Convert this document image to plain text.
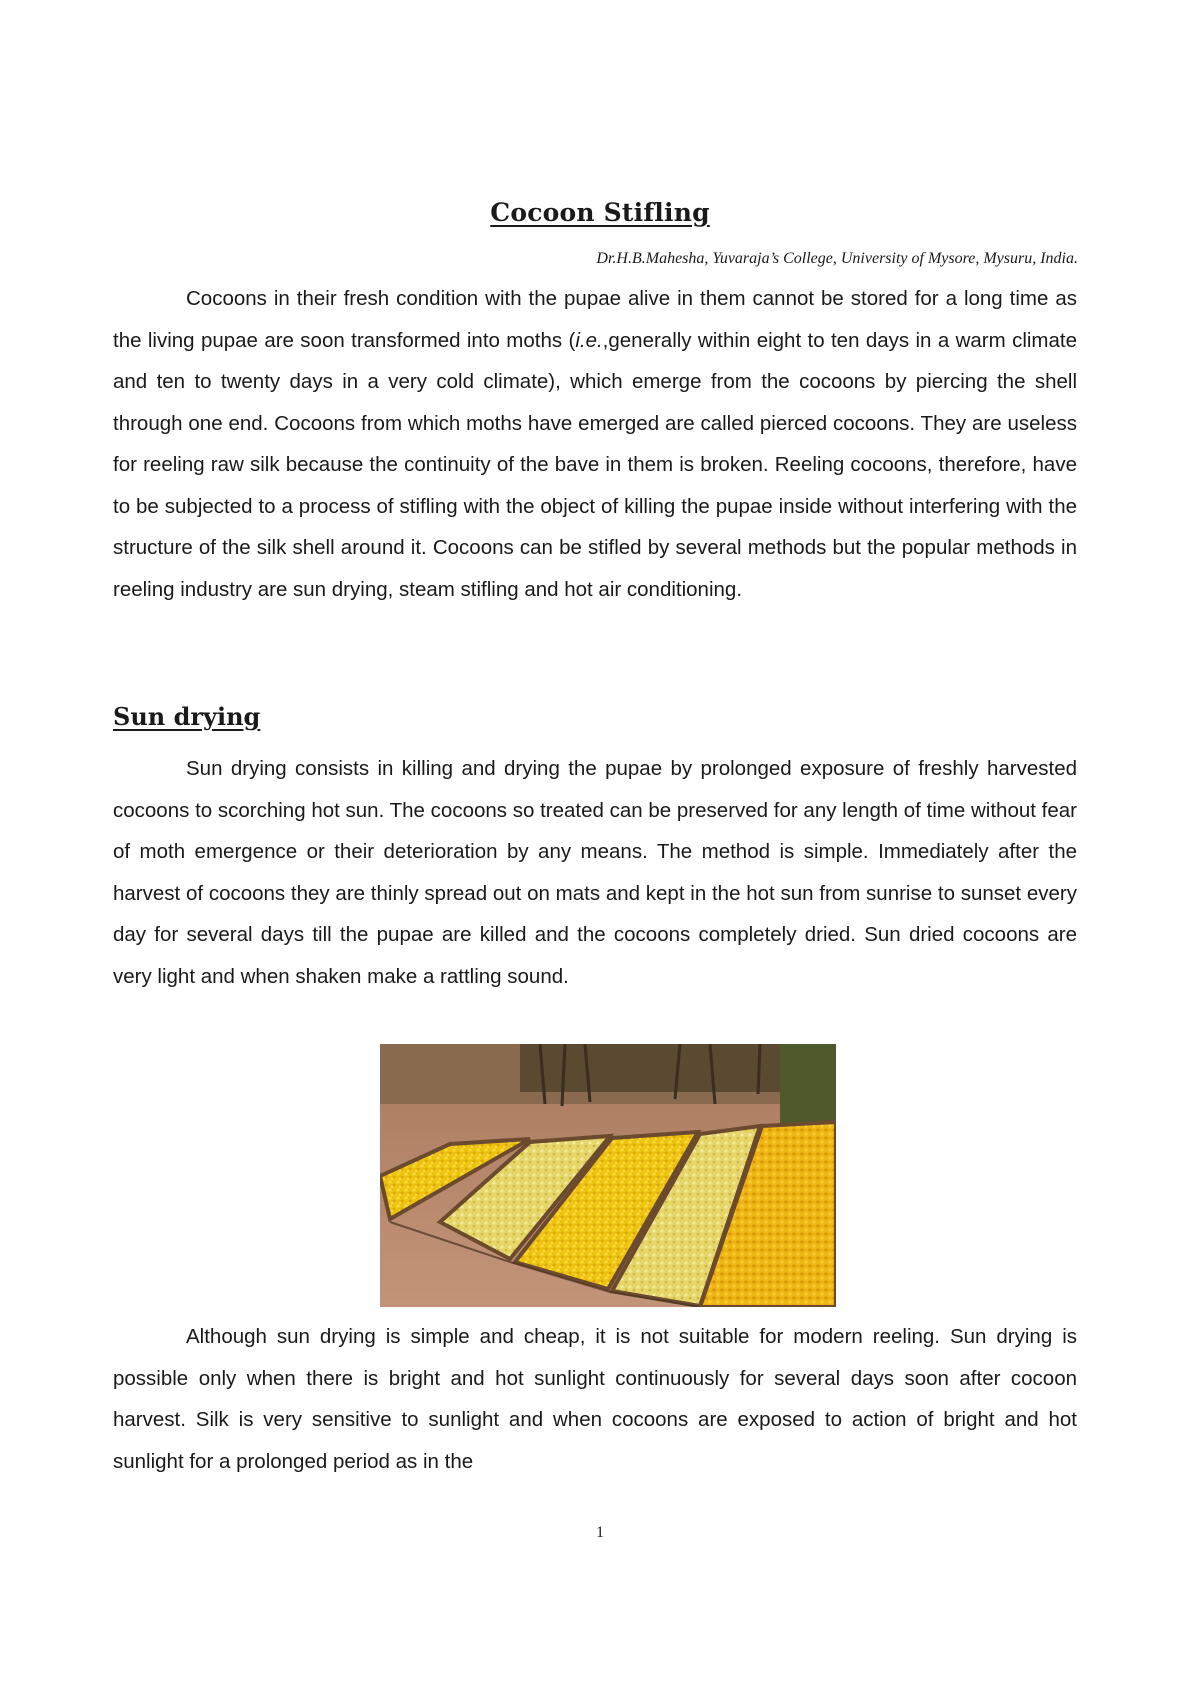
Cocoon Stifling
Dr.H.B.Mahesha, Yuvaraja’s College, University of Mysore, Mysuru, India.

Cocoons in their fresh condition with the pupae alive in them cannot be stored for a long time as the living pupae are soon transformed into moths (i.e.,generally within eight to ten days in a warm climate and ten to twenty days in a very cold climate), which emerge from the cocoons by piercing the shell through one end. Cocoons from which moths have emerged are called pierced cocoons. They are useless for reeling raw silk because the continuity of the bave in them is broken. Reeling cocoons, therefore, have to be subjected to a process of stifling with the object of killing the pupae inside without interfering with the structure of the silk shell around it. Cocoons can be stifled by several methods but the popular methods in reeling industry are sun drying, steam stifling and hot air conditioning.

Sun drying

Sun drying consists in killing and drying the pupae by prolonged exposure of freshly harvested cocoons to scorching hot sun. The cocoons so treated can be preserved for any length of time without fear of moth emergence or their deterioration by any means. The method is simple. Immediately after the harvest of cocoons they are thinly spread out on mats and kept in the hot sun from sunrise to sunset every day for several days till the pupae are killed and the cocoons completely dried. Sun dried cocoons are very light and when shaken make a rattling sound.

Although sun drying is simple and cheap, it is not suitable for modern reeling. Sun drying is possible only when there is bright and hot sunlight continuously for several days soon after cocoon harvest. Silk is very sensitive to sunlight and when cocoons are exposed to action of bright and hot sunlight for a prolonged period as in the

1
